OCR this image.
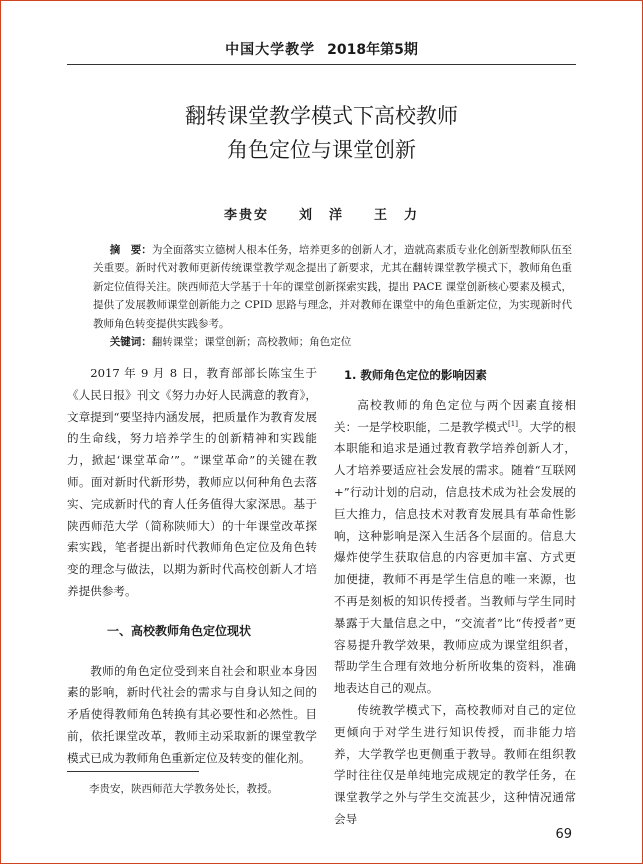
中国大学教学 2018年第5期
翻转课堂教学模式下高校教师
角色定位与课堂创新
李贵安　　刘　洋　　王　力

摘　要：为全面落实立德树人根本任务，培养更多的创新人才，造就高素质专业化创新型教师队伍至关重要。新时代对教师更新传统课堂教学观念提出了新要求，尤其在翻转课堂教学模式下，教师角色重新定位值得关注。陕西师范大学基于十年的课堂创新探索实践，提出 PACE 课堂创新核心要素及模式，提供了发展教师课堂创新能力之 CPID 思路与理念，并对教师在课堂中的角色重新定位，为实现新时代教师角色转变提供实践参考。

关键词：翻转课堂；课堂创新；高校教师；角色定位

2017 年 9 月 8 日，教育部部长陈宝生于《人民日报》刊文《努力办好人民满意的教育》，文章提到“要坚持内涵发展，把质量作为教育发展的生命线，努力培养学生的创新精神和实践能力，掀起‘课堂革命’”。“课堂革命”的关键在教师。面对新时代新形势，教师应以何种角色去落实、完成新时代的育人任务值得大家深思。基于陕西师范大学（简称陕师大）的十年课堂改革探索实践，笔者提出新时代教师角色定位及角色转变的理念与做法，以期为新时代高校创新人才培养提供参考。

一、高校教师角色定位现状

教师的角色定位受到来自社会和职业本身因素的影响，新时代社会的需求与自身认知之间的矛盾使得教师角色转换有其必要性和必然性。目前，依托课堂改革，教师主动采取新的课堂教学模式已成为教师角色重新定位及转变的催化剂。

1. 教师角色定位的影响因素

高校教师的角色定位与两个因素直接相关：一是学校职能，二是教学模式[1]。大学的根本职能和追求是通过教育教学培养创新人才，人才培养要适应社会发展的需求。随着“互联网+”行动计划的启动，信息技术成为社会发展的巨大推力，信息技术对教育发展具有革命性影响，这种影响是深入生活各个层面的。信息大爆炸使学生获取信息的内容更加丰富、方式更加便捷，教师不再是学生信息的唯一来源，也不再是刻板的知识传授者。当教师与学生同时暴露于大量信息之中，“交流者”比“传授者”更容易提升教学效果，教师应成为课堂组织者，帮助学生合理有效地分析所收集的资料，准确地表达自己的观点。

传统教学模式下，高校教师对自己的定位更倾向于对学生进行知识传授，而非能力培养，大学教学也更侧重于教导。教师在组织教学时往往仅是单纯地完成规定的教学任务，在课堂教学之外与学生交流甚少，这种情况通常会导

李贵安，陕西师范大学教务处长，教授。
69
